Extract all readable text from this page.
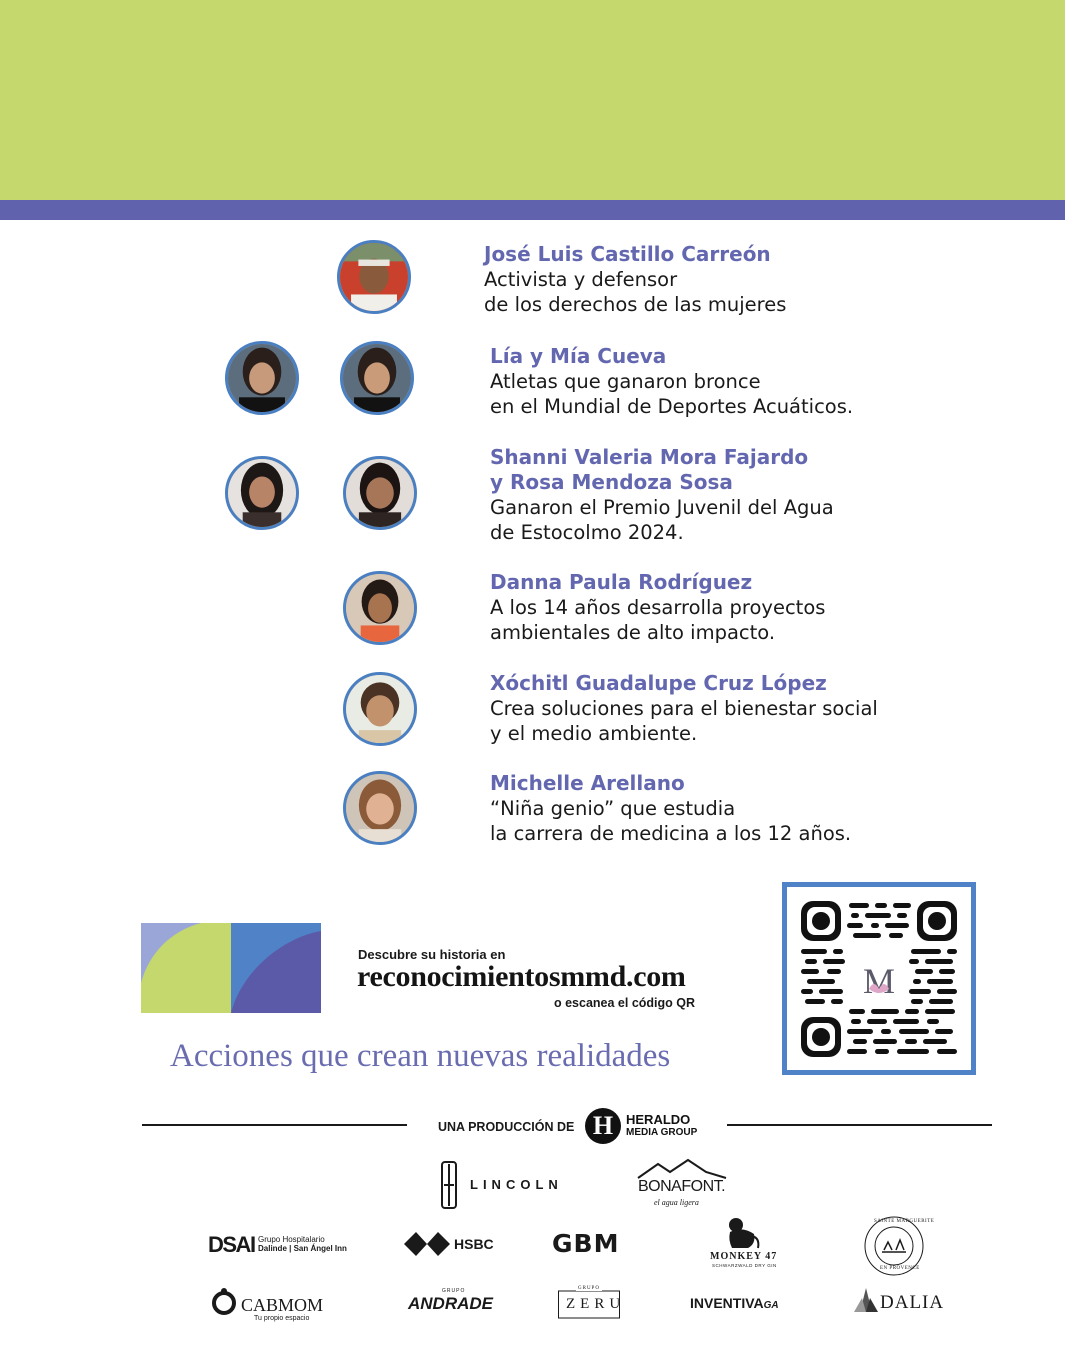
José Luis Castillo Carreón
Activista y defensor
de los derechos de las mujeres
Lía y Mía Cueva
Atletas que ganaron bronce
en el Mundial de Deportes Acuáticos.
Shanni Valeria Mora Fajardo
y Rosa Mendoza Sosa
Ganaron el Premio Juvenil del Agua
de Estocolmo 2024.
Danna Paula Rodríguez
A los 14 años desarrolla proyectos
ambientales de alto impacto.
Xóchitl Guadalupe Cruz López
Crea soluciones para el bienestar social
y el medio ambiente.
Michelle Arellano
“Niña genio” que estudia
la carrera de medicina a los 12 años.
Descubre su historia en
reconocimientosmmd.com
o escanea el código QR
Acciones que crean nuevas realidades
M
UNA PRODUCCIÓN DE H HERALDO
MEDIA GROUP
LINCOLN	BONAFONT.
el agua ligera
DSAI Grupo Hospitalario
Dalinde | San Ángel Inn	HSBC GBM	MONKEY 47
SCHWARZWALD DRY GIN
SAINTE MARGUERITE
EN PROVENCE
CABMOM
Tu propio espacio
GRUPO
ANDRADE
GRUPO
ZERU	INVENTIVAGA	DALIA
